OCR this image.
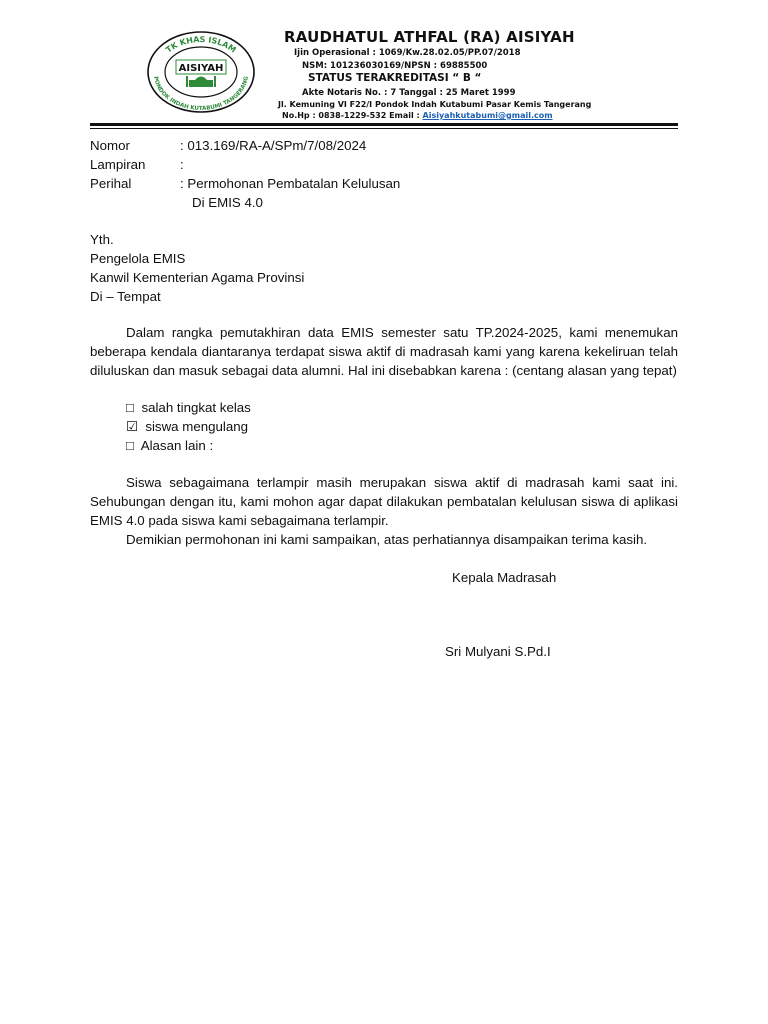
TK KHAS ISLAM
PONDOK INDAH KUTABUMI TANGERANG
AISIYAH
RAUDHATUL ATHFAL (RA) AISIYAH
Ijin Operasional : 1069/Kw.28.02.05/PP.07/2018
NSM: 101236030169/NPSN : 69885500
STATUS TERAKREDITASI “ B “
Akte Notaris No. : 7 Tanggal : 25 Maret 1999
Jl. Kemuning VI F22/I Pondok Indah Kutabumi Pasar Kemis Tangerang
No.Hp : 0838-1229-532 Email : Aisiyahkutabumi@gmail.com
Nomor	: 013.169/RA-A/SPm/7/08/2024
Lampiran	:
Perihal	: Permohonan Pembatalan Kelulusan
Di EMIS 4.0
Yth.
Pengelola EMIS
Kanwil Kementerian Agama Provinsi
Di – Tempat
Dalam rangka pemutakhiran data EMIS semester satu TP.2024-2025, kami menemukan beberapa kendala diantaranya terdapat siswa aktif di madrasah kami yang karena kekeliruan telah diluluskan dan masuk sebagai data alumni. Hal ini disebabkan karena : (centang alasan yang tepat)
□ salah tingkat kelas
☑ siswa mengulang
□ Alasan lain :
Siswa sebagaimana terlampir masih merupakan siswa aktif di madrasah kami saat ini. Sehubungan dengan itu, kami mohon agar dapat dilakukan pembatalan kelulusan siswa di aplikasi EMIS 4.0 pada siswa kami sebagaimana terlampir.
Demikian permohonan ini kami sampaikan, atas perhatiannya disampaikan terima kasih.
Kepala Madrasah
Sri Mulyani S.Pd.I
